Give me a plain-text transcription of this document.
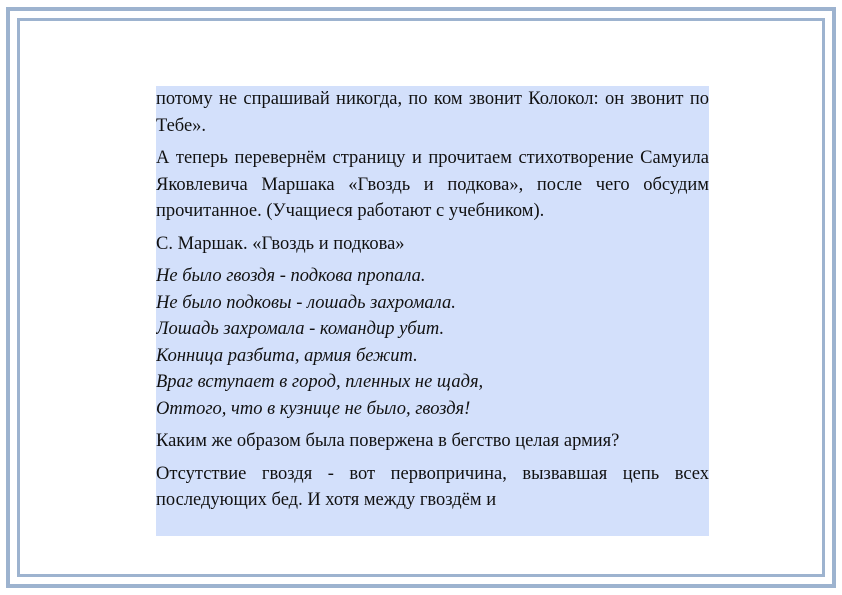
потому не спрашивай никогда, по ком звонит Колокол: он звонит по Тебе».

А теперь перевернём страницу и прочитаем стихотворение Самуила Яковлевича Маршака «Гвоздь и подкова», после чего обсудим прочитанное. (Учащиеся работают с учебником).

С. Маршак. «Гвоздь и подкова»

Не было гвоздя - подкова пропала.
Не было подковы - лошадь захромала.
Лошадь захромала - командир убит.
Конница разбита, армия бежит.
Враг вступает в город, пленных не щадя,
Оттого, что в кузнице не было, гвоздя!

Каким же образом была повержена в бегство целая армия?

Отсутствие гвоздя - вот первопричина, вызвавшая цепь всех последующих бед. И хотя между гвоздём и
